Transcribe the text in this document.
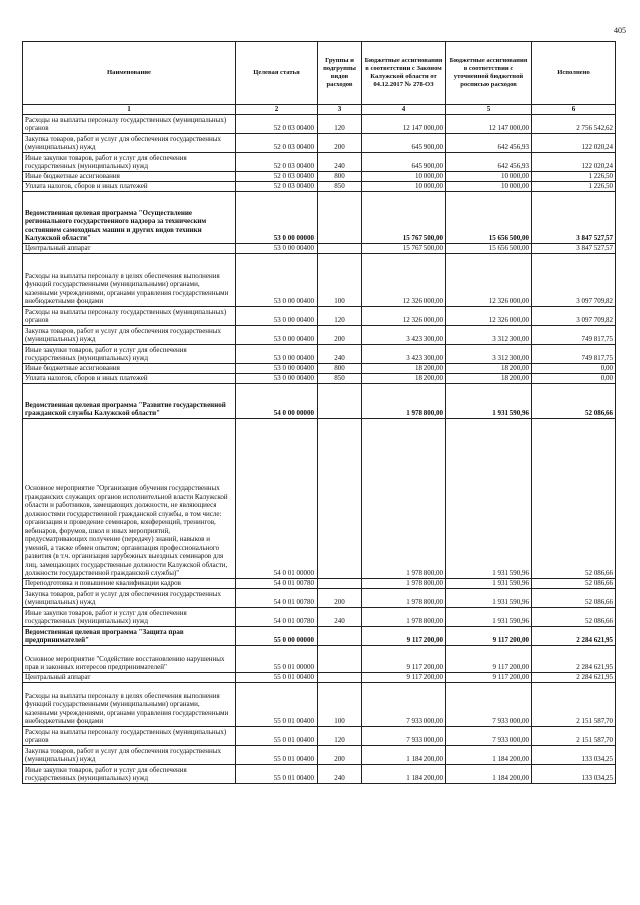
405
Наименование	Целевая статья	Группы и подгруппы видов расходов	Бюджетные ассигнования в соответствии с Законом Калужской области от 04.12.2017 № 278-ОЗ	Бюджетные ассигнования в соответствии с уточненной бюджетной росписью расходов	Исполнено
1	2	3	4	5	6
Расходы на выплаты персоналу государственных (муниципальных) органов	52 0 03 00400	120	12 147 000,00	12 147 000,00	2 756 542,62
Закупка товаров, работ и услуг для обеспечения государственных (муниципальных) нужд	52 0 03 00400	200	645 900,00	642 456,93	122 020,24
Иные закупки товаров, работ и услуг для обеспечения государственных (муниципальных) нужд	52 0 03 00400	240	645 900,00	642 456,93	122 020,24
Иные бюджетные ассигнования	52 0 03 00400	800	10 000,00	10 000,00	1 226,50
Уплата налогов, сборов и иных платежей	52 0 03 00400	850	10 000,00	10 000,00	1 226,50
Ведомственная целевая программа "Осуществление регионального государственного надзора за техническим состоянием самоходных машин и других видов техники Калужской области"	53 0 00 00000		15 767 500,00	15 656 500,00	3 847 527,57
Центральный аппарат	53 0 00 00400		15 767 500,00	15 656 500,00	3 847 527,57
Расходы на выплаты персоналу в целях обеспечения выполнения функций государственными (муниципальными) органами, казенными учреждениями, органами управления государственными внебюджетными фондами	53 0 00 00400	100	12 326 000,00	12 326 000,00	3 097 709,82
Расходы на выплаты персоналу государственных (муниципальных) органов	53 0 00 00400	120	12 326 000,00	12 326 000,00	3 097 709,82
Закупка товаров, работ и услуг для обеспечения государственных (муниципальных) нужд	53 0 00 00400	200	3 423 300,00	3 312 300,00	749 817,75
Иные закупки товаров, работ и услуг для обеспечения государственных (муниципальных) нужд	53 0 00 00400	240	3 423 300,00	3 312 300,00	749 817,75
Иные бюджетные ассигнования	53 0 00 00400	800	18 200,00	18 200,00	0,00
Уплата налогов, сборов и иных платежей	53 0 00 00400	850	18 200,00	18 200,00	0,00
Ведомственная целевая программа "Развитие государственной гражданской службы Калужской области"	54 0 00 00000		1 978 800,00	1 931 590,96	52 086,66
Основное мероприятие "Организация обучения государственных гражданских служащих органов исполнительной власти Калужской области и работников, замещающих должности, не являющиеся должностями государственной гражданской службы, в том числе: организация и проведение семинаров, конференций, тренингов, вебинаров, форумов, школ и иных мероприятий, предусматривающих получение (передачу) знаний, навыков и умений, а также обмен опытом; организация профессионального развития (в т.ч. организация зарубежных выездных семинаров для лиц, замещающих государственные должности Калужской области, должности государственной гражданской службы)"	54 0 01 00000		1 978 800,00	1 931 590,96	52 086,66
Переподготовка и повышение квалификации кадров	54 0 01 00780		1 978 800,00	1 931 590,96	52 086,66
Закупка товаров, работ и услуг для обеспечения государственных (муниципальных) нужд	54 0 01 00780	200	1 978 800,00	1 931 590,96	52 086,66
Иные закупки товаров, работ и услуг для обеспечения государственных (муниципальных) нужд	54 0 01 00780	240	1 978 800,00	1 931 590,96	52 086,66
Ведомственная целевая программа "Защита прав предпринимателей"	55 0 00 00000		9 117 200,00	9 117 200,00	2 284 621,95
Основное мероприятие "Содействие восстановлению нарушенных прав и законных интересов предпринимателей"	55 0 01 00000		9 117 200,00	9 117 200,00	2 284 621,95
Центральный аппарат	55 0 01 00400		9 117 200,00	9 117 200,00	2 284 621,95
Расходы на выплаты персоналу в целях обеспечения выполнения функций государственными (муниципальными) органами, казенными учреждениями, органами управления государственными внебюджетными фондами	55 0 01 00400	100	7 933 000,00	7 933 000,00	2 151 587,70
Расходы на выплаты персоналу государственных (муниципальных) органов	55 0 01 00400	120	7 933 000,00	7 933 000,00	2 151 587,70
Закупка товаров, работ и услуг для обеспечения государственных (муниципальных) нужд	55 0 01 00400	200	1 184 200,00	1 184 200,00	133 034,25
Иные закупки товаров, работ и услуг для обеспечения государственных (муниципальных) нужд	55 0 01 00400	240	1 184 200,00	1 184 200,00	133 034,25
